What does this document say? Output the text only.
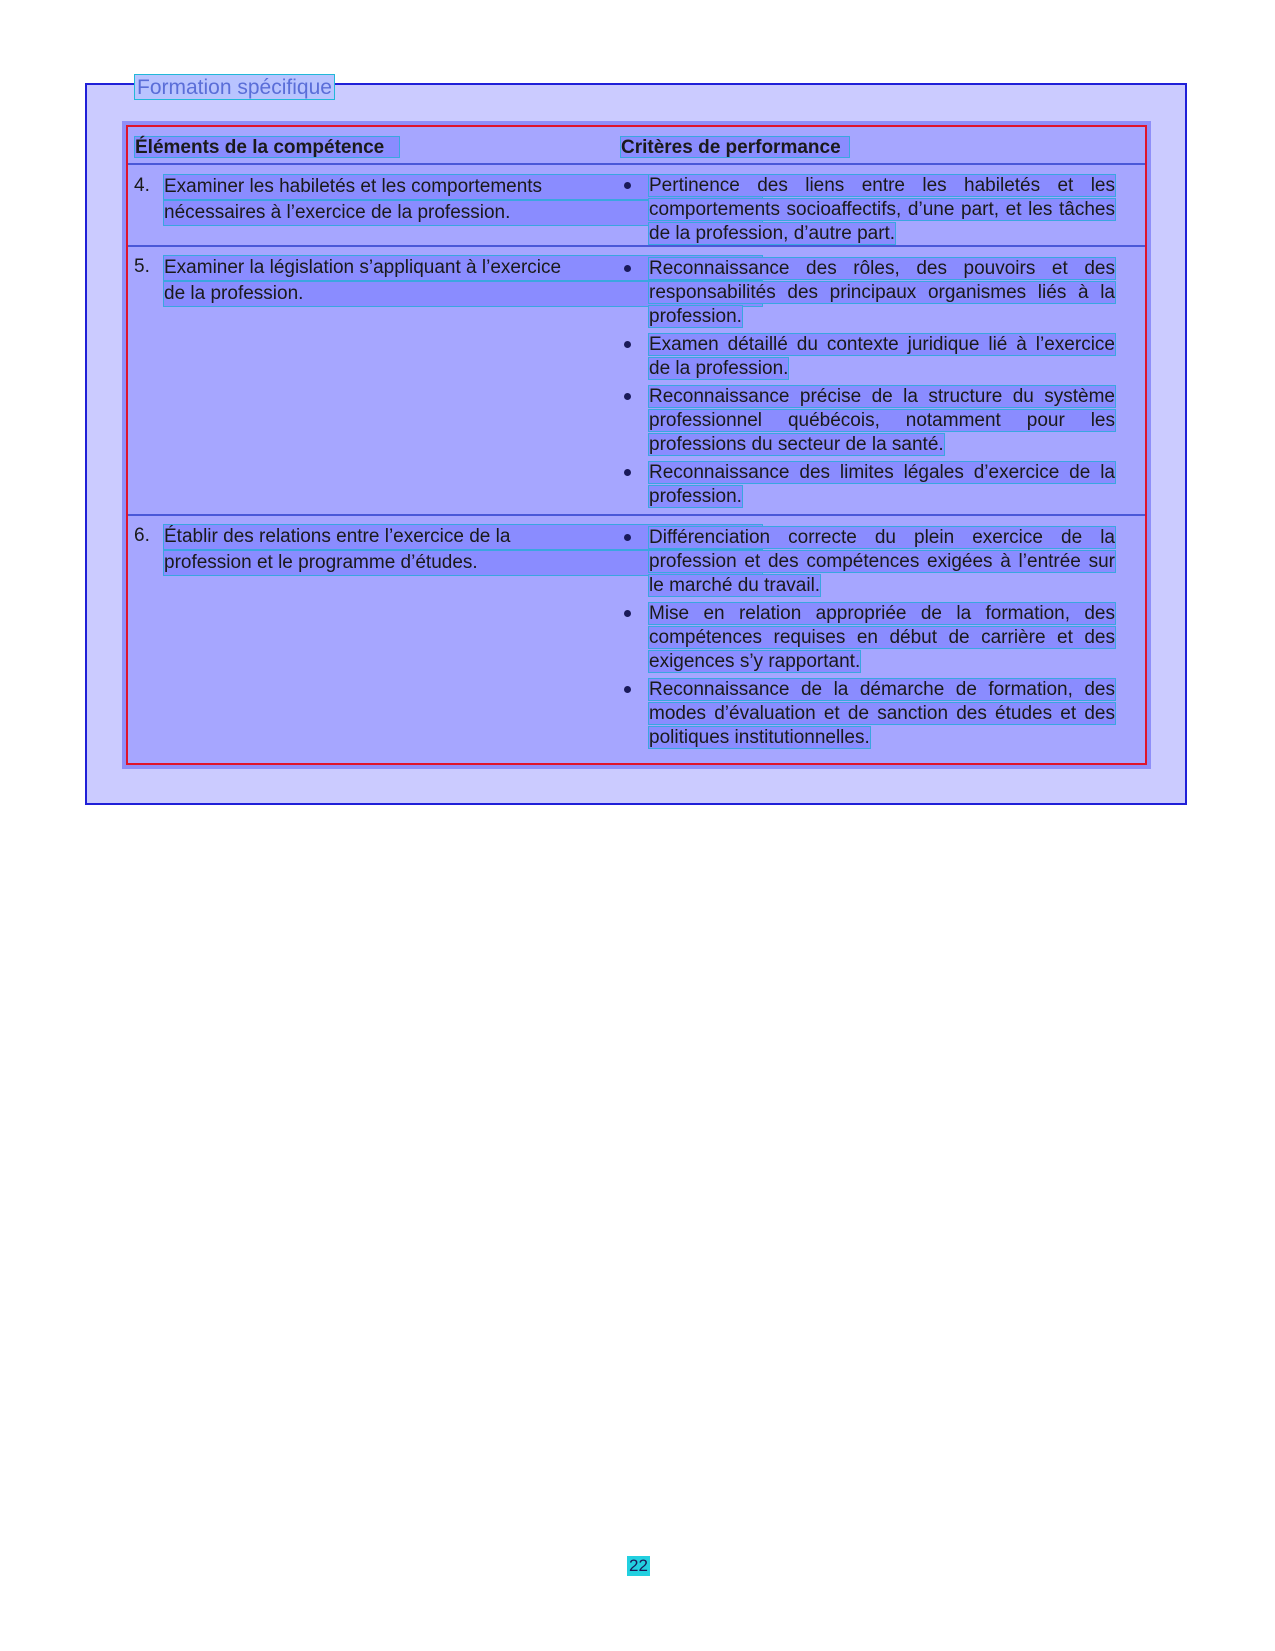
Formation spécifique
Éléments de la compétence	Critères de performance
4. Examiner les habiletés et les comportements
nécessaires à l’exercice de la profession.
Pertinence des liens entre les habiletés et les comportements socioaffectifs, d’une part, et les tâches de la profession, d’autre part.
5. Examiner la législation s’appliquant à l’exercice
de la profession.
Reconnaissance des rôles, des pouvoirs et des responsabilités des principaux organismes liés à la profession.
Examen détaillé du contexte juridique lié à l’exercice de la profession.
Reconnaissance précise de la structure du système professionnel québécois, notamment pour les professions du secteur de la santé.
Reconnaissance des limites légales d’exercice de la profession.
6. Établir des relations entre l’exercice de la
profession et le programme d’études.
Différenciation correcte du plein exercice de la profession et des compétences exigées à l’entrée sur le marché du travail.
Mise en relation appropriée de la formation, des compétences requises en début de carrière et des exigences s’y rapportant.
Reconnaissance de la démarche de formation, des modes d’évaluation et de sanction des études et des politiques institutionnelles.
22
